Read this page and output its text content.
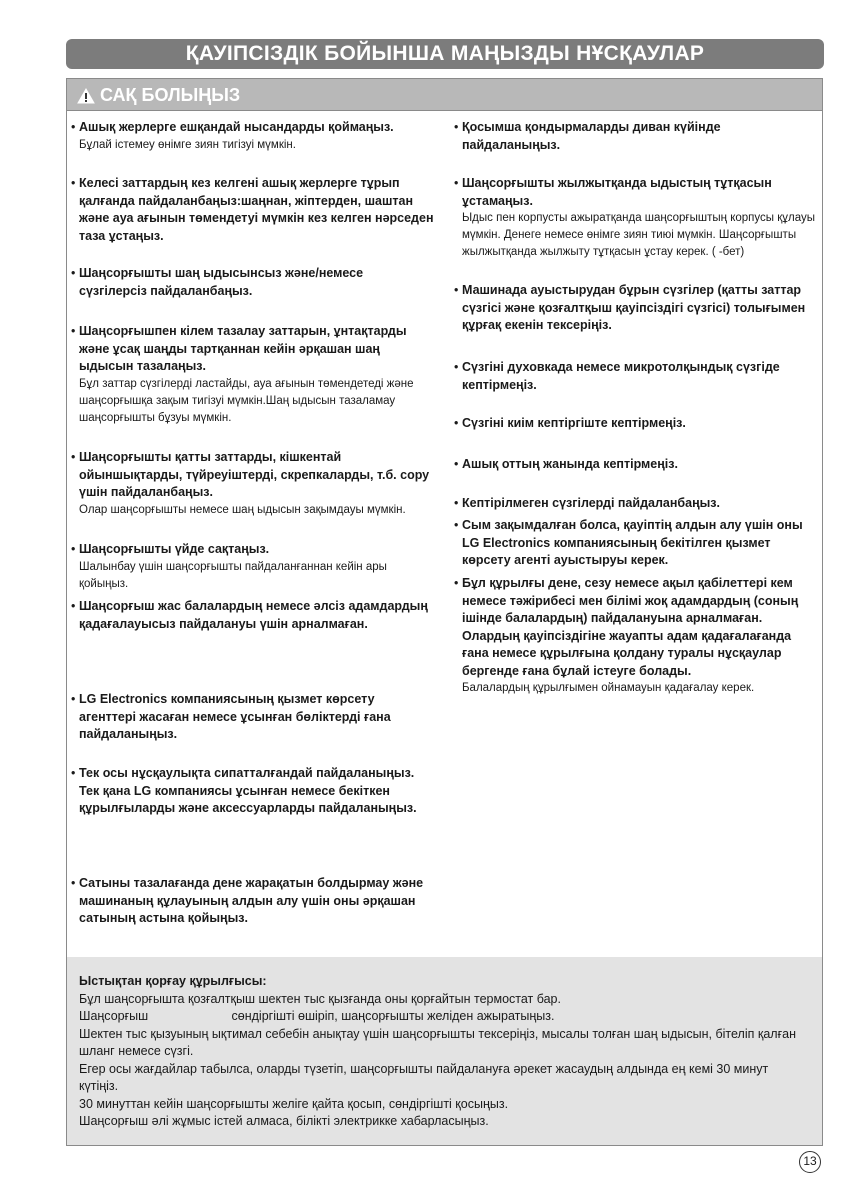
ҚАУІПСІЗДІК БОЙЫНША МАҢЫЗДЫ НҰСҚАУЛАР
САҚ БОЛЫҢЫЗ
• Ашық жерлерге ешқандай нысандарды қоймаңыз.
Бұлай істемеу өнімге зиян тигізуі мүмкін.
• Келесі заттардың кез келгені ашық жерлерге тұрып қалғанда пайдаланбаңыз:шаңнан, жіптерден, шаштан және ауа ағынын төмендетуі мүмкін кез келген нәрседен таза ұстаңыз.
• Шаңсорғышты шаң ыдысынсыз және/немесе сүзгілерсіз пайдаланбаңыз.
• Шаңсорғышпен кілем тазалау заттарын, ұнтақтарды және ұсақ шаңды тартқаннан кейін әрқашан шаң ыдысын тазалаңыз.
Бұл заттар сүзгілерді ластайды, ауа ағынын төмендетеді және шаңсорғышқа зақым тигізуі мүмкін.Шаң ыдысын тазаламау шаңсорғышты бұзуы мүмкін.
• Шаңсорғышты қатты заттарды, кішкентай ойыншықтарды, түйреуіштерді, скрепкаларды, т.б. сору үшін пайдаланбаңыз.
Олар шаңсорғышты немесе шаң ыдысын зақымдауы мүмкін.
• Шаңсорғышты үйде сақтаңыз.
Шалынбау үшін шаңсорғышты пайдаланғаннан кейін ары қойыңыз.
• Шаңсорғыш жас балалардың немесе әлсіз адамдардың қадағалауысыз пайдалануы үшін арналмаған.
• LG Electronics компаниясының қызмет көрсету агенттері жасаған немесе ұсынған бөліктерді ғана пайдаланыңыз.
• Тек осы нұсқаулықта сипатталғандай пайдаланыңыз. Тек қана LG компаниясы ұсынған немесе бекіткен құрылғыларды және аксессуарларды пайдаланыңыз.
• Сатыны тазалағанда дене жарақатын болдырмау және машинаның құлауының алдын алу үшін оны әрқашан сатының астына қойыңыз.
• Қосымша қондырмаларды диван күйінде пайдаланыңыз.
• Шаңсорғышты жылжытқанда ыдыстың тұтқасын ұстамаңыз.
Ыдыс пен корпусты ажыратқанда шаңсорғыштың корпусы құлауы мүмкін. Денеге немесе өнімге зиян тиюі мүмкін. Шаңсорғышты жылжытқанда жылжыту тұтқасын ұстау керек. ( -бет)
• Машинада ауыстырудан бұрын сүзгілер (қатты заттар сүзгісі және қозғалтқыш қауіпсіздігі сүзгісі) толығымен құрғақ екенін тексеріңіз.
• Сүзгіні духовкада немесе микротолқындық сүзгіде кептірмеңіз.
• Сүзгіні киім кептіргіште кептірмеңіз.
• Ашық оттың жанында кептірмеңіз.
• Кептірілмеген сүзгілерді пайдаланбаңыз.
• Сым зақымдалған болса, қауіптің алдын алу үшін оны LG Electronics компаниясының бекітілген қызмет көрсету агенті ауыстыруы керек.
• Бұл құрылғы дене, сезу немесе ақыл қабілеттері кем немесе тәжірибесі мен білімі жоқ адамдардың (соның ішінде балалардың) пайдалануына арналмаған. Олардың қауіпсіздігіне жауапты адам қадағалағанда ғана немесе құрылғына қолдану туралы нұсқаулар бергенде ғана бұлай істеуге болады.
Балалардың құрылғымен ойнамауын қадағалау керек.
Ыстықтан қорғау құрылғысы:
Бұл шаңсорғышта қозғалтқыш шектен тыс қызғанда оны қорғайтын термостат бар.
Шаңсорғыш                        сөндіргішті өшіріп, шаңсорғышты желіден ажыратыңыз.
Шектен тыс қызуының ықтимал себебін анықтау үшін шаңсорғышты тексеріңіз, мысалы толған шаң ыдысын, бітеліп қалған шланг немесе сүзгі.
Егер осы жағдайлар табылса, оларды түзетіп, шаңсорғышты пайдалануға әрекет жасаудың алдында ең кемі 30 минут күтіңіз.
30 минуттан кейін шаңсорғышты желіге қайта қосып, сөндіргішті қосыңыз.
Шаңсорғыш әлі жұмыс істей алмаса, білікті электрикке хабарласыңыз.
13
